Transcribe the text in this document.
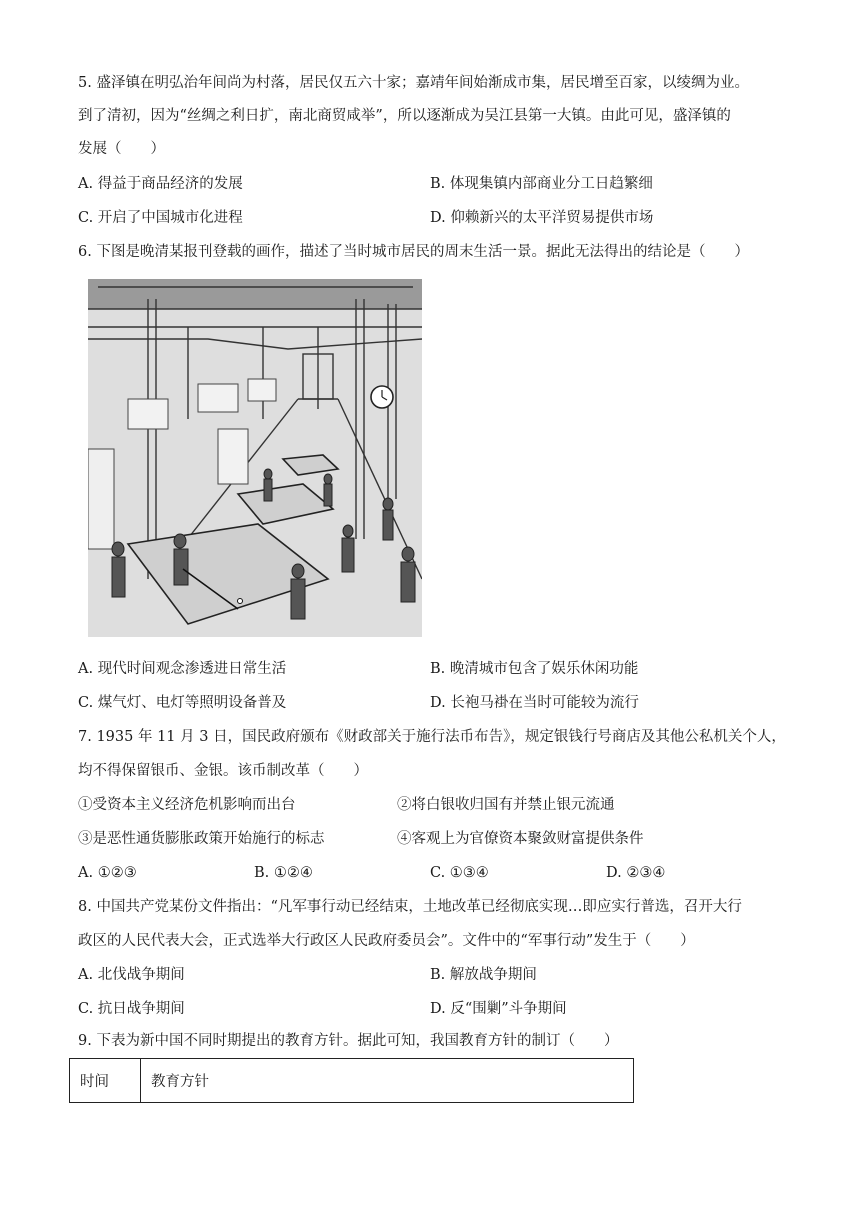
5. 盛泽镇在明弘治年间尚为村落，居民仅五六十家；嘉靖年间始渐成市集，居民增至百家，以绫绸为业。
到了清初，因为“丝绸之利日扩，南北商贸咸举”，所以逐渐成为吴江县第一大镇。由此可见，盛泽镇的
发展（　　）
A. 得益于商品经济的发展	B. 体现集镇内部商业分工日趋繁细
C. 开启了中国城市化进程	D. 仰赖新兴的太平洋贸易提供市场
6. 下图是晚清某报刊登载的画作，描述了当时城市居民的周末生活一景。据此无法得出的结论是（　　）
A. 现代时间观念渗透进日常生活	B. 晚清城市包含了娱乐休闲功能
C. 煤气灯、电灯等照明设备普及	D. 长袍马褂在当时可能较为流行
7. 1935 年 11 月 3 日，国民政府颁布《财政部关于施行法币布告》，规定银钱行号商店及其他公私机关个人，
均不得保留银币、金银。该币制改革（　　）
①受资本主义经济危机影响而出台	②将白银收归国有并禁止银元流通
③是恶性通货膨胀政策开始施行的标志	④客观上为官僚资本聚敛财富提供条件
A. ①②③	B. ①②④	C. ①③④	D. ②③④
8. 中国共产党某份文件指出：“凡军事行动已经结束，土地改革已经彻底实现…即应实行普选，召开大行
政区的人民代表大会，正式选举大行政区人民政府委员会”。文件中的“军事行动”发生于（　　）
A. 北伐战争期间	B. 解放战争期间
C. 抗日战争期间	D. 反“围剿”斗争期间
9. 下表为新中国不同时期提出的教育方针。据此可知，我国教育方针的制订（　　）
时间	教育方针
